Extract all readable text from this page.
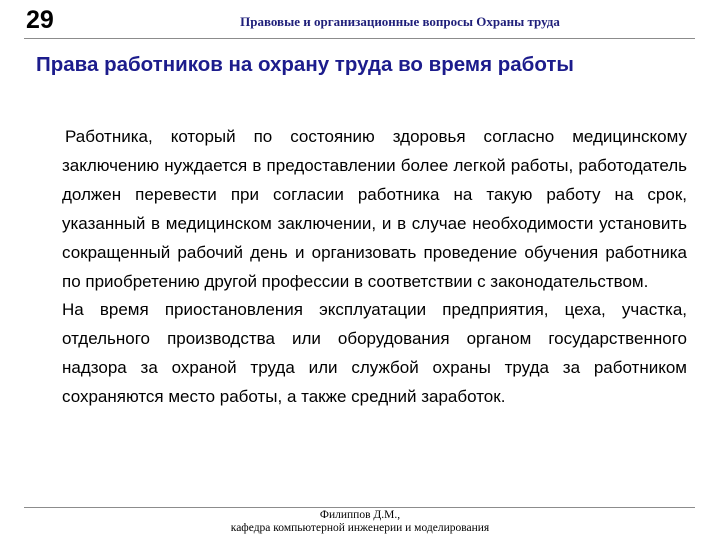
29	Правовые и организационные вопросы Охраны труда
Права работников на охрану труда во время работы

Работника, который по состоянию здоровья согласно медицинскому заключению нуждается в предоставлении более легкой работы, работодатель должен перевести при согласии работника на такую работу на срок, указанный в медицинском заключении, и в случае необходимости установить сокращенный рабочий день и организовать проведение обучения работника по приобретению другой профессии в соответствии с законодательством.

На время приостановления эксплуатации предприятия, цеха, участка, отдельного производства или оборудования органом государственного надзора за охраной труда или службой охраны труда за работником сохраняются место работы, а также средний заработок.

Филиппов Д.М.,
кафедра компьютерной инженерии и моделирования
